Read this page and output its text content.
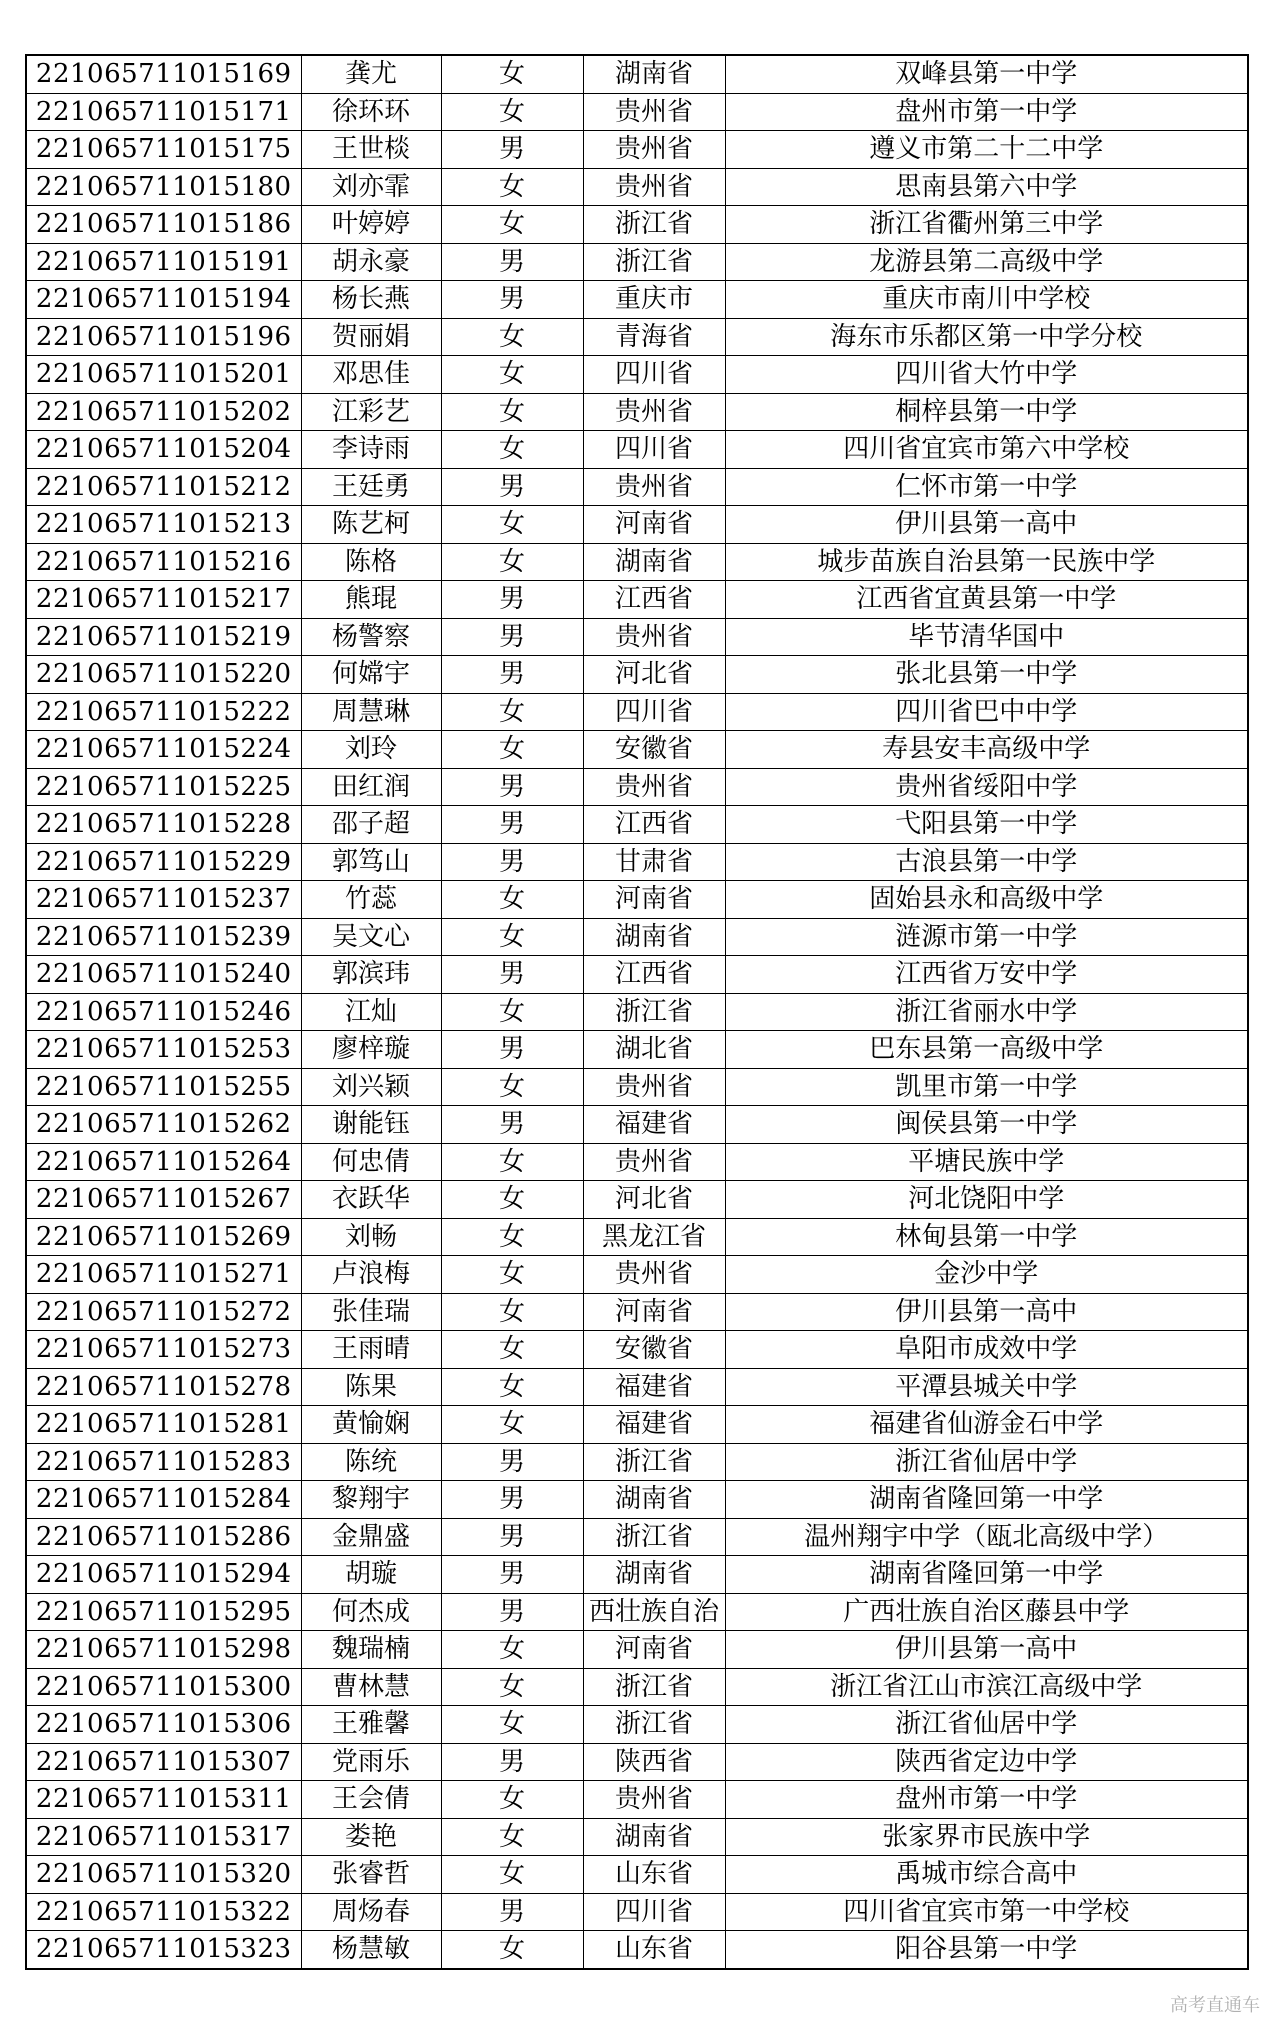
221065711015169	龚尤	女	湖南省	双峰县第一中学
221065711015171	徐环环	女	贵州省	盘州市第一中学
221065711015175	王世棪	男	贵州省	遵义市第二十二中学
221065711015180	刘亦霏	女	贵州省	思南县第六中学
221065711015186	叶婷婷	女	浙江省	浙江省衢州第三中学
221065711015191	胡永豪	男	浙江省	龙游县第二高级中学
221065711015194	杨长燕	男	重庆市	重庆市南川中学校
221065711015196	贺丽娟	女	青海省	海东市乐都区第一中学分校
221065711015201	邓思佳	女	四川省	四川省大竹中学
221065711015202	江彩艺	女	贵州省	桐梓县第一中学
221065711015204	李诗雨	女	四川省	四川省宜宾市第六中学校
221065711015212	王廷勇	男	贵州省	仁怀市第一中学
221065711015213	陈艺柯	女	河南省	伊川县第一高中
221065711015216	陈格	女	湖南省	城步苗族自治县第一民族中学
221065711015217	熊琨	男	江西省	江西省宜黄县第一中学
221065711015219	杨警察	男	贵州省	毕节清华国中
221065711015220	何嫦宇	男	河北省	张北县第一中学
221065711015222	周慧琳	女	四川省	四川省巴中中学
221065711015224	刘玲	女	安徽省	寿县安丰高级中学
221065711015225	田红润	男	贵州省	贵州省绥阳中学
221065711015228	邵子超	男	江西省	弋阳县第一中学
221065711015229	郭笃山	男	甘肃省	古浪县第一中学
221065711015237	竹蕊	女	河南省	固始县永和高级中学
221065711015239	吴文心	女	湖南省	涟源市第一中学
221065711015240	郭滨玮	男	江西省	江西省万安中学
221065711015246	江灿	女	浙江省	浙江省丽水中学
221065711015253	廖梓璇	男	湖北省	巴东县第一高级中学
221065711015255	刘兴颖	女	贵州省	凯里市第一中学
221065711015262	谢能钰	男	福建省	闽侯县第一中学
221065711015264	何忠倩	女	贵州省	平塘民族中学
221065711015267	衣跃华	女	河北省	河北饶阳中学
221065711015269	刘畅	女	黑龙江省	林甸县第一中学
221065711015271	卢浪梅	女	贵州省	金沙中学
221065711015272	张佳瑞	女	河南省	伊川县第一高中
221065711015273	王雨晴	女	安徽省	阜阳市成效中学
221065711015278	陈果	女	福建省	平潭县城关中学
221065711015281	黄愉娴	女	福建省	福建省仙游金石中学
221065711015283	陈统	男	浙江省	浙江省仙居中学
221065711015284	黎翔宇	男	湖南省	湖南省隆回第一中学
221065711015286	金鼎盛	男	浙江省	温州翔宇中学（瓯北高级中学）
221065711015294	胡璇	男	湖南省	湖南省隆回第一中学
221065711015295	何杰成	男	西壮族自治	广西壮族自治区藤县中学
221065711015298	魏瑞楠	女	河南省	伊川县第一高中
221065711015300	曹林慧	女	浙江省	浙江省江山市滨江高级中学
221065711015306	王雅馨	女	浙江省	浙江省仙居中学
221065711015307	党雨乐	男	陕西省	陕西省定边中学
221065711015311	王会倩	女	贵州省	盘州市第一中学
221065711015317	娄艳	女	湖南省	张家界市民族中学
221065711015320	张睿哲	女	山东省	禹城市综合高中
221065711015322	周炀春	男	四川省	四川省宜宾市第一中学校
221065711015323	杨慧敏	女	山东省	阳谷县第一中学
高考直通车
